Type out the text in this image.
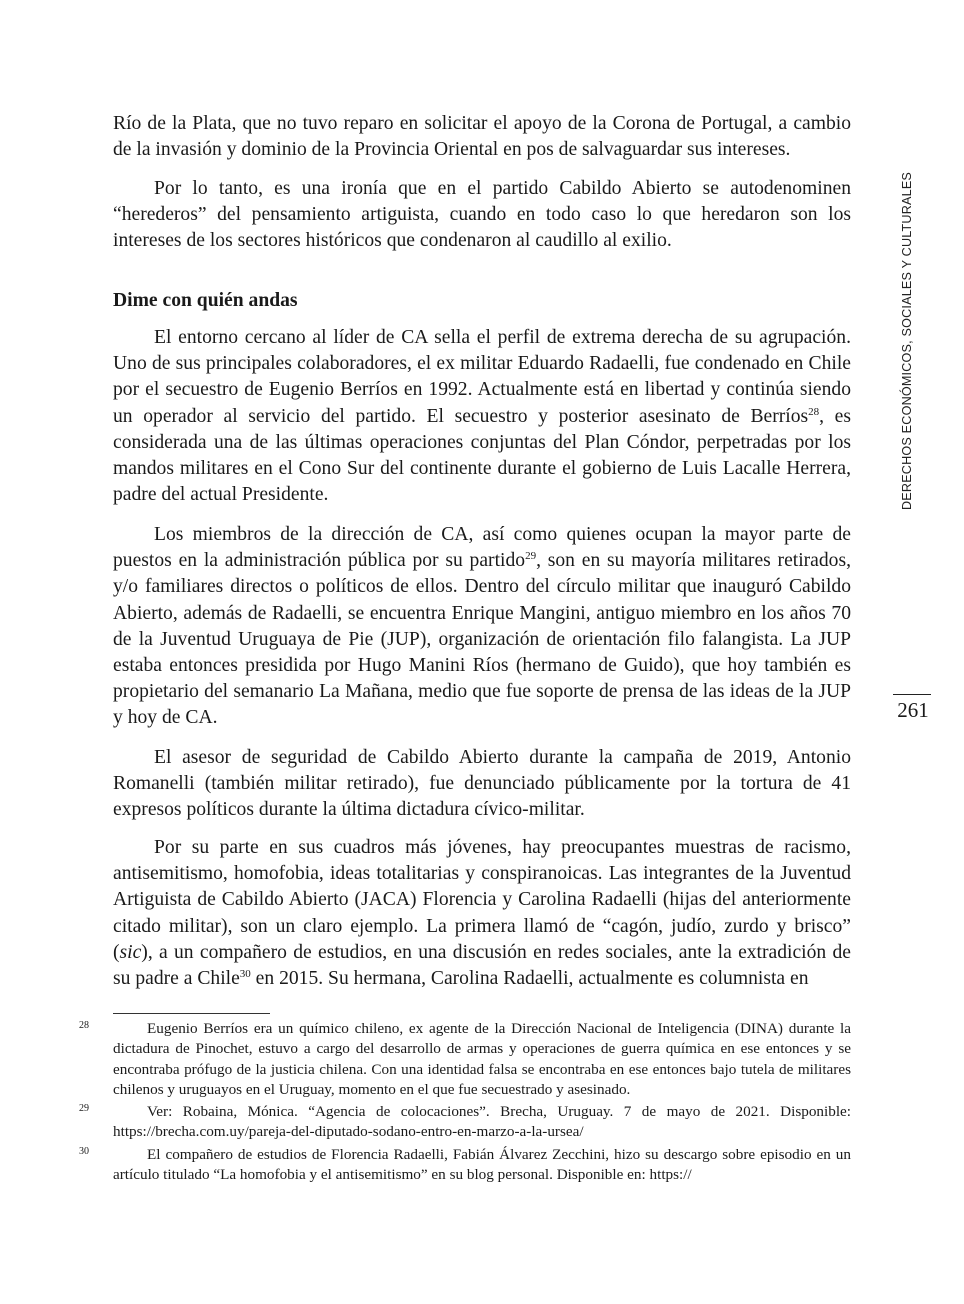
Río de la Plata, que no tuvo reparo en solicitar el apoyo de la Corona de Portugal, a cambio de la invasión y dominio de la Provincia Oriental en pos de salvaguardar sus intereses.

Por lo tanto, es una ironía que en el partido Cabildo Abierto se autodenominen “herederos” del pensamiento artiguista, cuando en todo caso lo que heredaron son los intereses de los sectores históricos que condenaron al caudillo al exilio.

Dime con quién andas

El entorno cercano al líder de CA sella el perfil de extrema derecha de su agrupación. Uno de sus principales colaboradores, el ex militar Eduardo Radaelli, fue condenado en Chile por el secuestro de Eugenio Berríos en 1992. Actualmente está en libertad y continúa siendo un operador al servicio del partido. El secuestro y posterior asesinato de Berríos$^{28}$, es considerada una de las últimas operaciones conjuntas del Plan Cóndor, perpetradas por los mandos militares en el Cono Sur del continente durante el gobierno de Luis Lacalle Herrera, padre del actual Presidente.

Los miembros de la dirección de CA, así como quienes ocupan la mayor parte de puestos en la administración pública por su partido$^{29}$, son en su mayoría militares retirados, y/o familiares directos o políticos de ellos. Dentro del círculo militar que inauguró Cabildo Abierto, además de Radaelli, se encuentra Enrique Mangini, antiguo miembro en los años 70 de la Juventud Uruguaya de Pie (JUP), organización de orientación filo falangista. La JUP estaba entonces presidida por Hugo Manini Ríos (hermano de Guido), que hoy también es propietario del semanario La Mañana, medio que fue soporte de prensa de las ideas de la JUP y hoy de CA.

El asesor de seguridad de Cabildo Abierto durante la campaña de 2019, Antonio Romanelli (también militar retirado), fue denunciado públicamente por la tortura de 41 expresos políticos durante la última dictadura cívico-militar.

Por su parte en sus cuadros más jóvenes, hay preocupantes muestras de racismo, antisemitismo, homofobia, ideas totalitarias y conspiranoicas. Las integrantes de la Juventud Artiguista de Cabildo Abierto (JACA) Florencia y Carolina Radaelli (hijas del anteriormente citado militar), son un claro ejemplo. La primera llamó de “cagón, judío, zurdo y brisco” (sic), a un compañero de estudios, en una discusión en redes sociales, ante la extradición de su padre a Chile$^{30}$ en 2015. Su hermana, Carolina Radaelli, actualmente es columnista en

28	Eugenio Berríos era un químico chileno, ex agente de la Dirección Nacional de Inteligencia (DINA) durante la dictadura de Pinochet, estuvo a cargo del desarrollo de armas y operaciones de guerra química en ese entonces y se encontraba prófugo de la justicia chilena. Con una identidad falsa se encontraba en ese entonces bajo tutela de militares chilenos y uruguayos en el Uruguay, momento en el que fue secuestrado y asesinado.

29	Ver: Robaina, Mónica. “Agencia de colocaciones”. Brecha, Uruguay. 7 de mayo de 2021. Disponible: https://brecha.com.uy/pareja-del-diputado-sodano-entro-en-marzo-a-la-ursea/

30	El compañero de estudios de Florencia Radaelli, Fabián Álvarez Zecchini, hizo su descargo sobre episodio en un artículo titulado “La homofobia y el antisemitismo” en su blog personal. Disponible en: https://

DERECHOS ECONÓMICOS, SOCIALES Y CULTURALES
261
